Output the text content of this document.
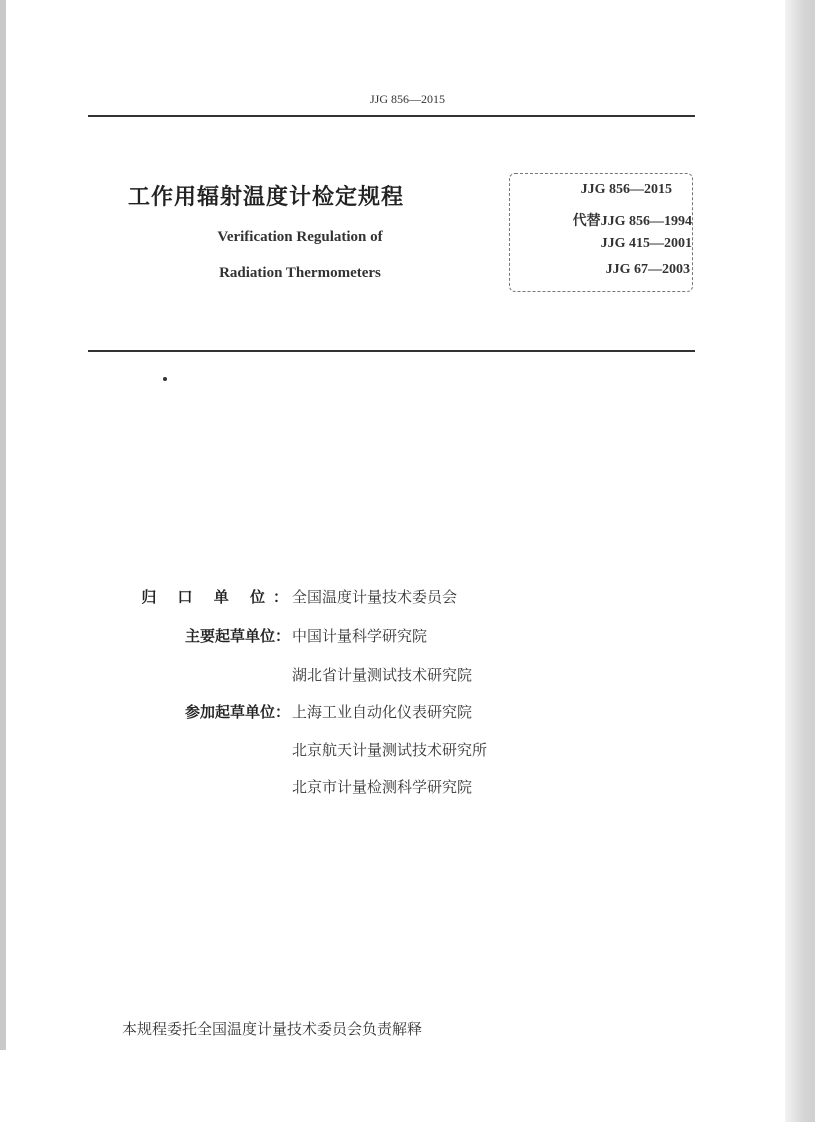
JJG 856—2015
工作用辐射温度计检定规程
Verification Regulation of
Radiation Thermometers
JJG 856—2015
代替JJG 856—1994
JJG 415—2001
JJG 67—2003
归 口 单 位：
全国温度计量技术委员会
主要起草单位： 中国计量科学研究院
湖北省计量测试技术研究院
参加起草单位： 上海工业自动化仪表研究院
北京航天计量测试技术研究所
北京市计量检测科学研究院
本规程委托全国温度计量技术委员会负责解释
